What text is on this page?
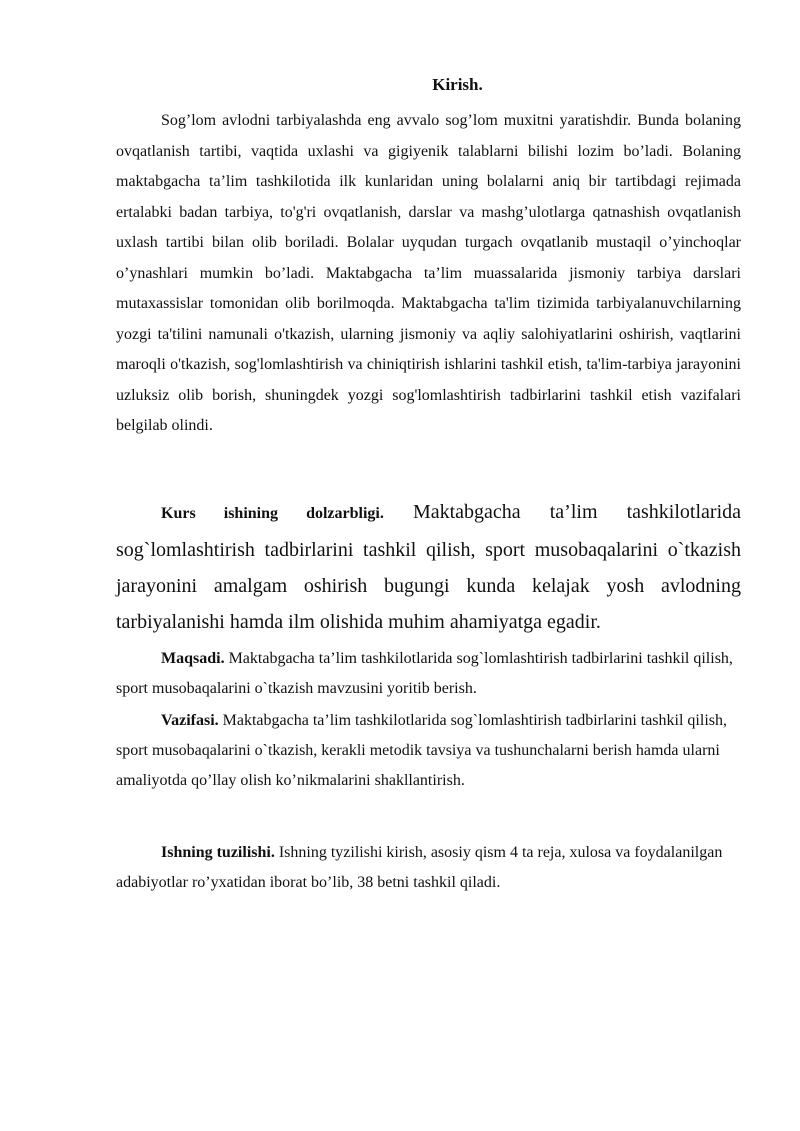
Kirish.

Sog’lom avlodni tarbiyalashda eng avvalo sog’lom muxitni yaratishdir. Bunda bolaning ovqatlanish tartibi, vaqtida uxlashi va gigiyenik talablarni bilishi lozim bo’ladi. Bolaning maktabgacha ta’lim tashkilotida ilk kunlaridan uning bolalarni aniq bir tartibdagi rejimada ertalabki badan tarbiya, to'g'ri ovqatlanish, darslar va mashg’ulotlarga qatnashish ovqatlanish uxlash tartibi bilan olib boriladi. Bolalar uyqudan turgach ovqatlanib mustaqil o’yinchoqlar o’ynashlari mumkin bo’ladi. Maktabgacha ta’lim muassalarida jismoniy tarbiya darslari mutaxassislar tomonidan olib borilmoqda. Maktabgacha ta'lim tizimida tarbiyalanuvchilarning yozgi ta'tilini namunali o'tkazish, ularning jismoniy va aqliy salohiyatlarini oshirish, vaqtlarini maroqli o'tkazish, sog'lomlashtirish va chiniqtirish ishlarini tashkil etish, ta'lim-tarbiya jarayonini uzluksiz olib borish, shuningdek yozgi sog'lomlashtirish tadbirlarini tashkil etish vazifalari belgilab olindi.

Kurs ishining dolzarbligi. Maktabgacha ta’lim tashkilotlarida sog`lomlashtirish tadbirlarini tashkil qilish, sport musobaqalarini o`tkazish jarayonini amalgam oshirish bugungi kunda kelajak yosh avlodning tarbiyalanishi hamda ilm olishida muhim ahamiyatga egadir.

Maqsadi. Maktabgacha ta’lim tashkilotlarida sog`lomlashtirish tadbirlarini tashkil qilish, sport musobaqalarini o`tkazish mavzusini yoritib berish.

Vazifasi. Maktabgacha ta’lim tashkilotlarida sog`lomlashtirish tadbirlarini tashkil qilish, sport musobaqalarini o`tkazish, kerakli metodik tavsiya va tushunchalarni berish hamda ularni amaliyotda qo’llay olish ko’nikmalarini shakllantirish.

Ishning tuzilishi. Ishning tyzilishi kirish, asosiy qism 4 ta reja, xulosa va foydalanilgan adabiyotlar ro’yxatidan iborat bo’lib, 38 betni tashkil qiladi.
